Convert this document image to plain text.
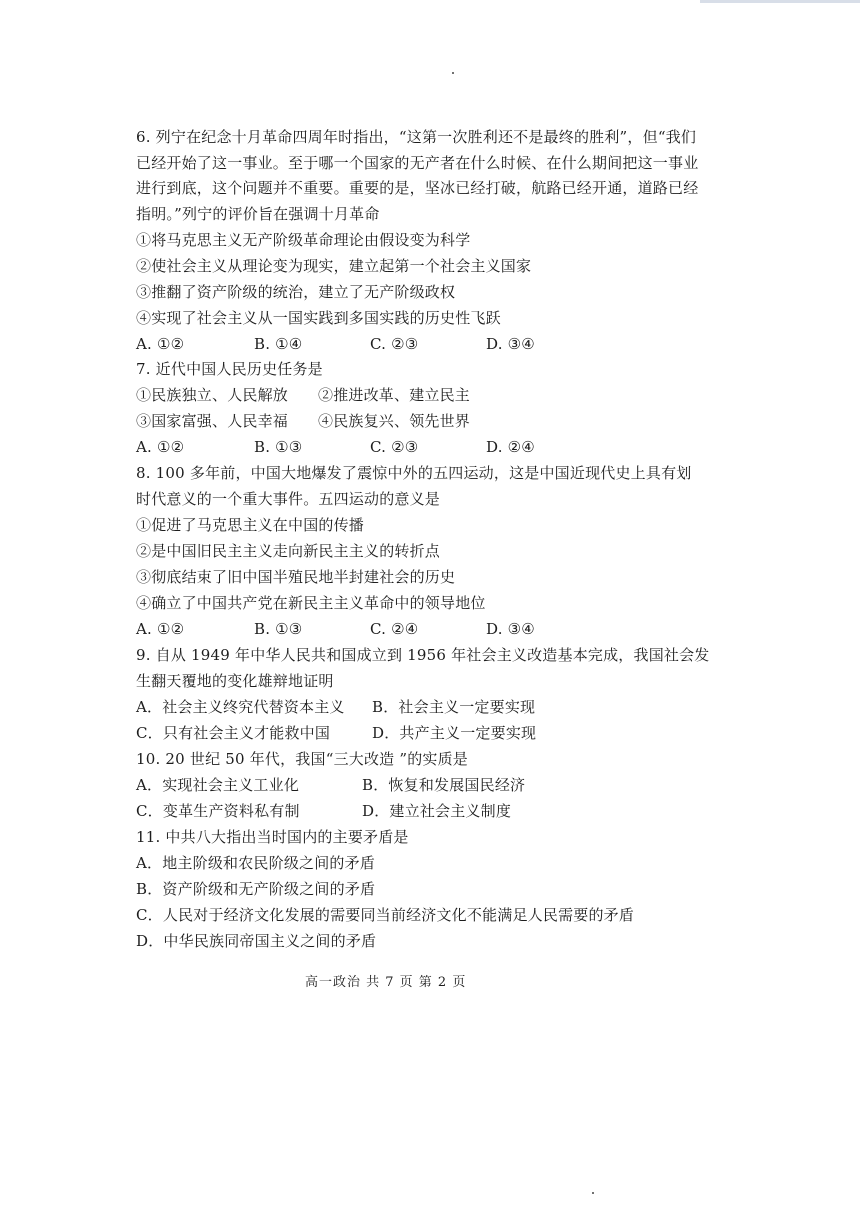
6. 列宁在纪念十月革命四周年时指出，“这第一次胜利还不是最终的胜利”，但“我们
已经开始了这一事业。至于哪一个国家的无产者在什么时候、在什么期间把这一事业
进行到底，这个问题并不重要。重要的是，坚冰已经打破，航路已经开通，道路已经
指明。”列宁的评价旨在强调十月革命
①将马克思主义无产阶级革命理论由假设变为科学
②使社会主义从理论变为现实，建立起第一个社会主义国家
③推翻了资产阶级的统治，建立了无产阶级政权
④实现了社会主义从一国实践到多国实践的历史性飞跃
A. ①②	B. ①④	C. ②③	D. ③④
7. 近代中国人民历史任务是
①民族独立、人民解放 ②推进改革、建立民主
③国家富强、人民幸福 ④民族复兴、领先世界
A. ①②	B. ①③	C. ②③	D. ②④
8. 100 多年前，中国大地爆发了震惊中外的五四运动，这是中国近现代史上具有划
时代意义的一个重大事件。五四运动的意义是
①促进了马克思主义在中国的传播
②是中国旧民主主义走向新民主主义的转折点
③彻底结束了旧中国半殖民地半封建社会的历史
④确立了中国共产党在新民主主义革命中的领导地位
A. ①②	B. ①③	C. ②④	D. ③④
9. 自从 1949 年中华人民共和国成立到 1956 年社会主义改造基本完成，我国社会发
生翻天覆地的变化雄辩地证明
A．社会主义终究代替资本主义 B．社会主义一定要实现
C．只有社会主义才能救中国	D．共产主义一定要实现
10. 20 世纪 50 年代，我国“三大改造 ”的实质是
A．实现社会主义工业化	B．恢复和发展国民经济
C．变革生产资料私有制	D．建立社会主义制度
11. 中共八大指出当时国内的主要矛盾是
A．地主阶级和农民阶级之间的矛盾
B．资产阶级和无产阶级之间的矛盾
C．人民对于经济文化发展的需要同当前经济文化不能满足人民需要的矛盾
D．中华民族同帝国主义之间的矛盾
高一政治 共 7 页 第 2 页
